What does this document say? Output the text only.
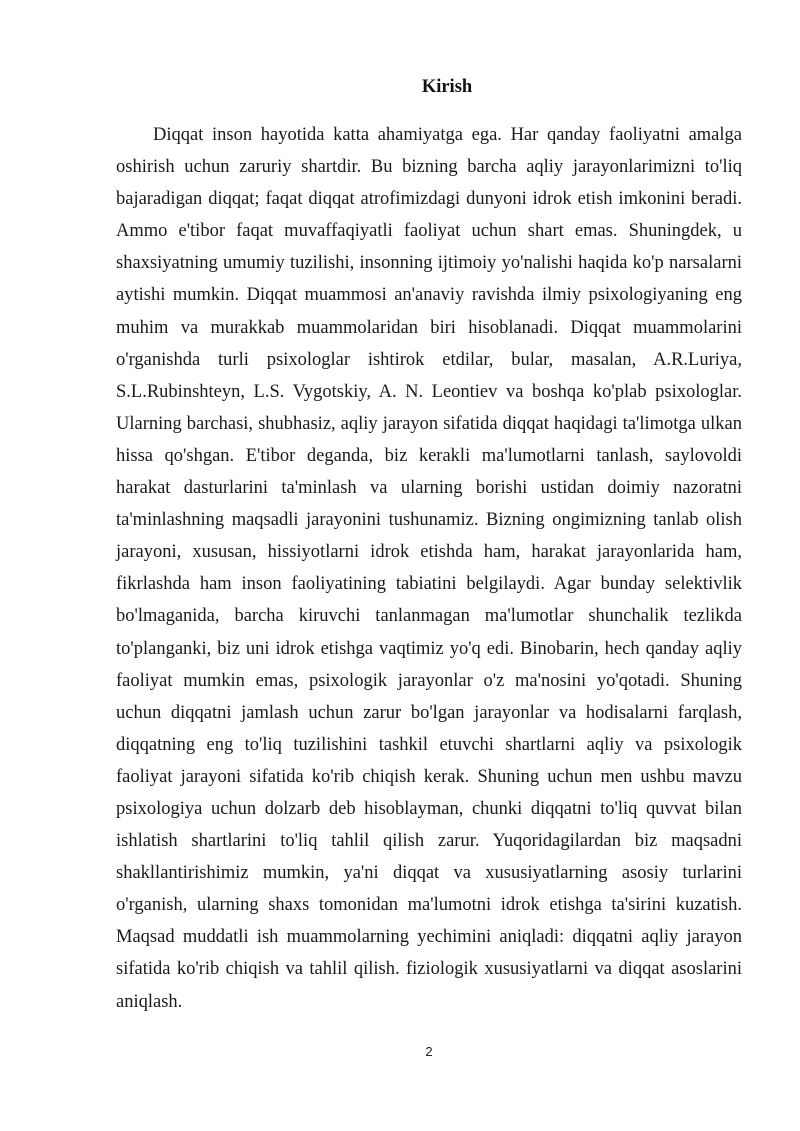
Kirish

Diqqat inson hayotida katta ahamiyatga ega. Har qanday faoliyatni amalga oshirish uchun zaruriy shartdir. Bu bizning barcha aqliy jarayonlarimizni to'liq bajaradigan diqqat; faqat diqqat atrofimizdagi dunyoni idrok etish imkonini beradi. Ammo e'tibor faqat muvaffaqiyatli faoliyat uchun shart emas. Shuningdek, u shaxsiyatning umumiy tuzilishi, insonning ijtimoiy yo'nalishi haqida ko'p narsalarni aytishi mumkin. Diqqat muammosi an'anaviy ravishda ilmiy psixologiyaning eng muhim va murakkab muammolaridan biri hisoblanadi. Diqqat muammolarini o'rganishda turli psixologlar ishtirok etdilar, bular, masalan, A.R.Luriya, S.L.Rubinshteyn, L.S. Vygotskiy, A. N. Leontiev va boshqa ko'plab psixologlar. Ularning barchasi, shubhasiz, aqliy jarayon sifatida diqqat haqidagi ta'limotga ulkan hissa qo'shgan. E'tibor deganda, biz kerakli ma'lumotlarni tanlash, saylovoldi harakat dasturlarini ta'minlash va ularning borishi ustidan doimiy nazoratni ta'minlashning maqsadli jarayonini tushunamiz. Bizning ongimizning tanlab olish jarayoni, xususan, hissiyotlarni idrok etishda ham, harakat jarayonlarida ham, fikrlashda ham inson faoliyatining tabiatini belgilaydi. Agar bunday selektivlik bo'lmaganida, barcha kiruvchi tanlanmagan ma'lumotlar shunchalik tezlikda to'planganki, biz uni idrok etishga vaqtimiz yo'q edi. Binobarin, hech qanday aqliy faoliyat mumkin emas, psixologik jarayonlar o'z ma'nosini yo'qotadi. Shuning uchun diqqatni jamlash uchun zarur bo'lgan jarayonlar va hodisalarni farqlash, diqqatning eng to'liq tuzilishini tashkil etuvchi shartlarni aqliy va psixologik faoliyat jarayoni sifatida ko'rib chiqish kerak. Shuning uchun men ushbu mavzu psixologiya uchun dolzarb deb hisoblayman, chunki diqqatni to'liq quvvat bilan ishlatish shartlarini to'liq tahlil qilish zarur. Yuqoridagilardan biz maqsadni shakllantirishimiz mumkin, ya'ni diqqat va xususiyatlarning asosiy turlarini o'rganish, ularning shaxs tomonidan ma'lumotni idrok etishga ta'sirini kuzatish. Maqsad muddatli ish muammolarning yechimini aniqladi: diqqatni aqliy jarayon sifatida ko'rib chiqish va tahlil qilish. fiziologik xususiyatlarni va diqqat asoslarini aniqlash.

2
